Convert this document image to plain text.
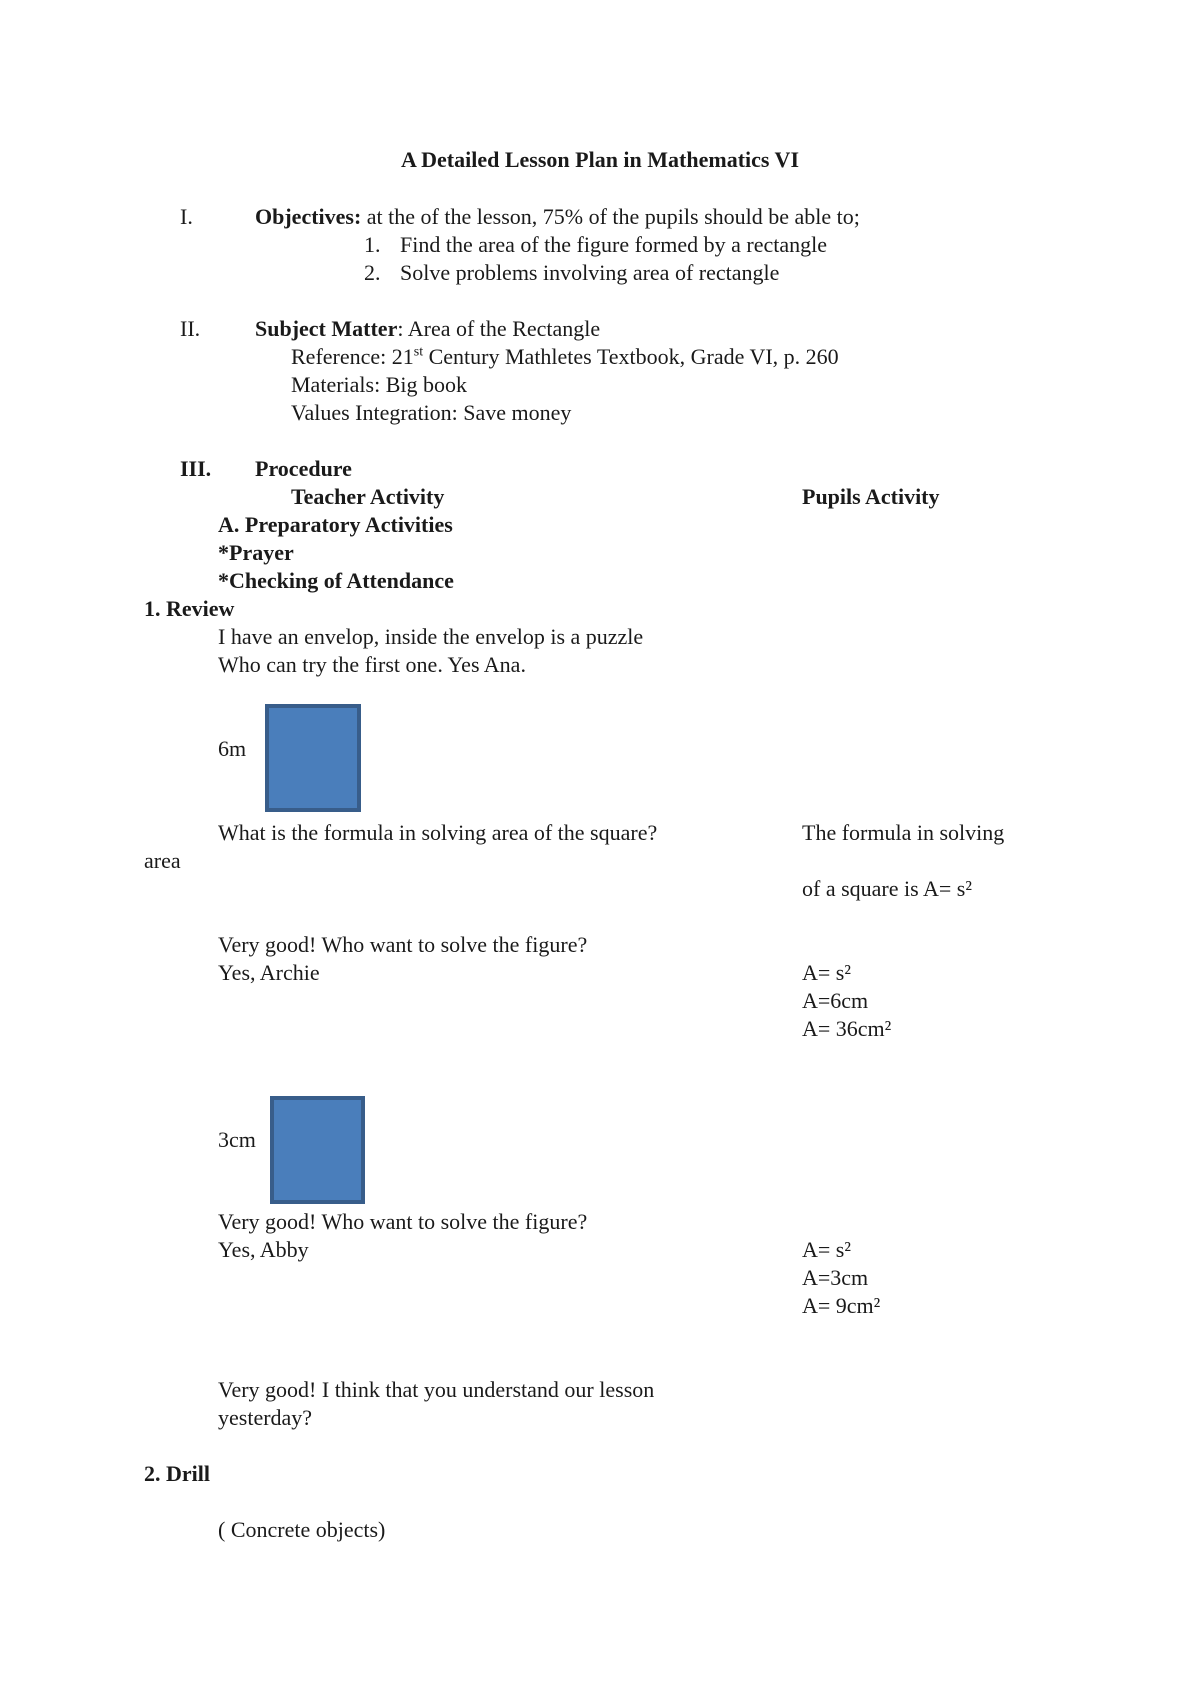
A Detailed Lesson Plan in Mathematics VI
I.	Objectives: at the of the lesson, 75% of the pupils should be able to;
1. Find the area of the figure formed by a rectangle
2. Solve problems involving area of rectangle
II. Subject Matter: Area of the Rectangle
Reference: 21st Century Mathletes Textbook, Grade VI, p. 260
Materials: Big book
Values Integration: Save money
III. Procedure
Teacher Activity	Pupils Activity
A. Preparatory Activities
*Prayer
*Checking of Attendance
1. Review
I have an envelop, inside the envelop is a puzzle
Who can try the first one. Yes Ana.
6m
What is the formula in solving area of the square?	The formula in solving
area
of a square is A= s²
Very good! Who want to solve the figure?
Yes, Archie	A= s²
A=6cm
A= 36cm²
3cm
Very good! Who want to solve the figure?
Yes, Abby	A= s²
A=3cm
A= 9cm²
Very good! I think that you understand our lesson
yesterday?
2. Drill
( Concrete objects)
